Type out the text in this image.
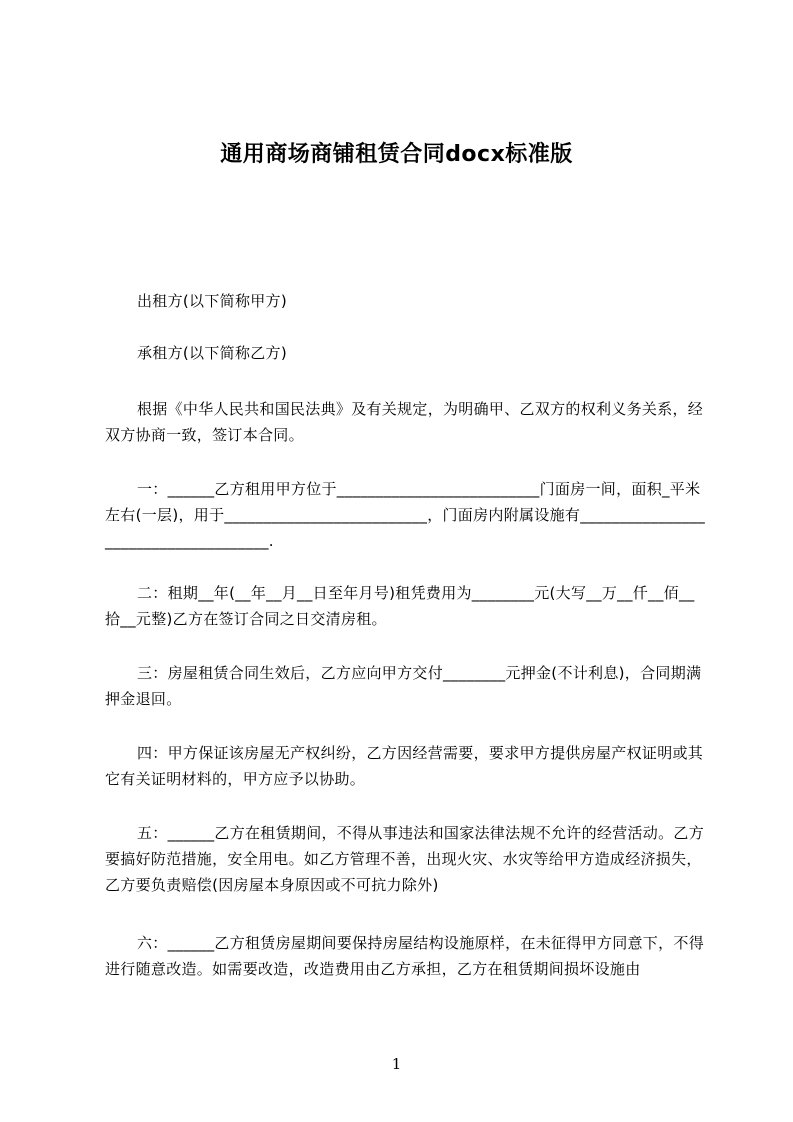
通用商场商铺租赁合同docx标准版
出租方(以下简称甲方)
承租方(以下简称乙方)
根据《中华人民共和国民法典》及有关规定，为明确甲、乙双方的权利义务关系，经双方协商一致，签订本合同。
一：______乙方租用甲方位于__________________________门面房一间，面积_平米左右(一层)，用于__________________________，门面房内附属设施有_____________________________________.
二：租期__年(__年__月__日至年月号)租凭费用为________元(大写__万__仟__佰__拾__元整)乙方在签订合同之日交清房租。
三：房屋租赁合同生效后，乙方应向甲方交付________元押金(不计利息)，合同期满押金退回。
四：甲方保证该房屋无产权纠纷，乙方因经营需要，要求甲方提供房屋产权证明或其它有关证明材料的，甲方应予以协助。
五：______乙方在租赁期间，不得从事违法和国家法律法规不允许的经营活动。乙方要搞好防范措施，安全用电。如乙方管理不善，出现火灾、水灾等给甲方造成经济损失，乙方要负责赔偿(因房屋本身原因或不可抗力除外)
六：______乙方租赁房屋期间要保持房屋结构设施原样，在未征得甲方同意下，不得进行随意改造。如需要改造，改造费用由乙方承担，乙方在租赁期间损坏设施由
1
